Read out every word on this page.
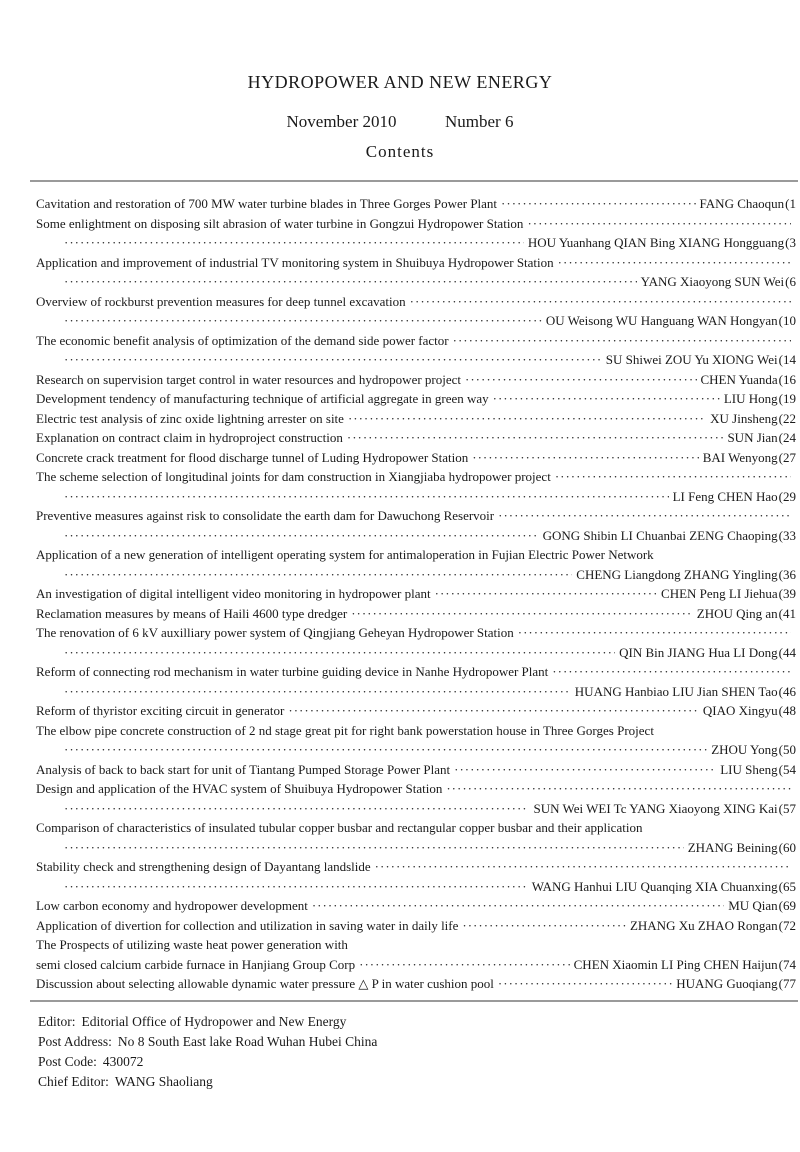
HYDROPOWER AND NEW ENERGY
November 2010	Number 6
Contents
Cavitation and restoration of 700 MW water turbine blades in Three Gorges Power Plant ·····	FANG Chaoqun (1
Some enlightment on disposing silt abrasion of water turbine in Gongzui Hydropower Station
·····
·····
HOU Yuanhang QIAN Bing XIANG Hongguang (3
Application and improvement of industrial TV monitoring system in Shuibuya Hydropower Station
·····
·····
YANG Xiaoyong SUN Wei (6
Overview of rockburst prevention measures for deep tunnel excavation
·····
·····
OU Weisong WU Hanguang WAN Hongyan (10
The economic benefit analysis of optimization of the demand side power factor
·····
·····
SU Shiwei ZOU Yu XIONG Wei (14
Research on supervision target control in water resources and hydropower project ·····	CHEN Yuanda (16
Development tendency of manufacturing technique of artificial aggregate in green way ·····	LIU Hong (19
Electric test analysis of zinc oxide lightning arrester on site ·····	XU Jinsheng (22
Explanation on contract claim in hydroproject construction ·····	SUN Jian (24
Concrete crack treatment for flood discharge tunnel of Luding Hydropower Station ·····	BAI Wenyong (27
The scheme selection of longitudinal joints for dam construction in Xiangjiaba hydropower project
·····
·····
LI Feng CHEN Hao (29
Preventive measures against risk to consolidate the earth dam for Dawuchong Reservoir
·····
·····
GONG Shibin LI Chuanbai ZENG Chaoping (33
Application of a new generation of intelligent operating system for antimaloperation in Fujian Electric Power Network
·····
CHENG Liangdong ZHANG Yingling (36
An investigation of digital intelligent video monitoring in hydropower plant ·····	CHEN Peng LI Jiehua (39
Reclamation measures by means of Haili 4600 type dredger ·····	ZHOU Qing an (41
The renovation of 6 kV auxilliary power system of Qingjiang Geheyan Hydropower Station
·····
·····
QIN Bin JIANG Hua LI Dong (44
Reform of connecting rod mechanism in water turbine guiding device in Nanhe Hydropower Plant
·····
·····
HUANG Hanbiao LIU Jian SHEN Tao (46
Reform of thyristor exciting circuit in generator ·····	QIAO Xingyu (48
The elbow pipe concrete construction of 2 nd stage great pit for right bank powerstation house in Three Gorges Project
·····
ZHOU Yong (50
Analysis of back to back start for unit of Tiantang Pumped Storage Power Plant ·····	LIU Sheng (54
Design and application of the HVAC system of Shuibuya Hydropower Station
·····
·····
SUN Wei WEI Tc YANG Xiaoyong XING Kai (57
Comparison of characteristics of insulated tubular copper busbar and rectangular copper busbar and their application
·····
ZHANG Beining (60
Stability check and strengthening design of Dayantang landslide
·····
·····
WANG Hanhui LIU Quanqing XIA Chuanxing (65
Low carbon economy and hydropower development ·····	MU Qian (69
Application of divertion for collection and utilization in saving water in daily life ·····	ZHANG Xu ZHAO Rongan (72
The Prospects of utilizing waste heat power generation with
semi closed calcium carbide furnace in Hanjiang Group Corp ·····	CHEN Xiaomin LI Ping CHEN Haijun (74
Discussion about selecting allowable dynamic water pressure △ P in water cushion pool ·····	HUANG Guoqiang (77
Editor: Editorial Office of Hydropower and New Energy
Post Address: No 8 South East lake Road Wuhan Hubei China
Post Code: 430072
Chief Editor: WANG Shaoliang
